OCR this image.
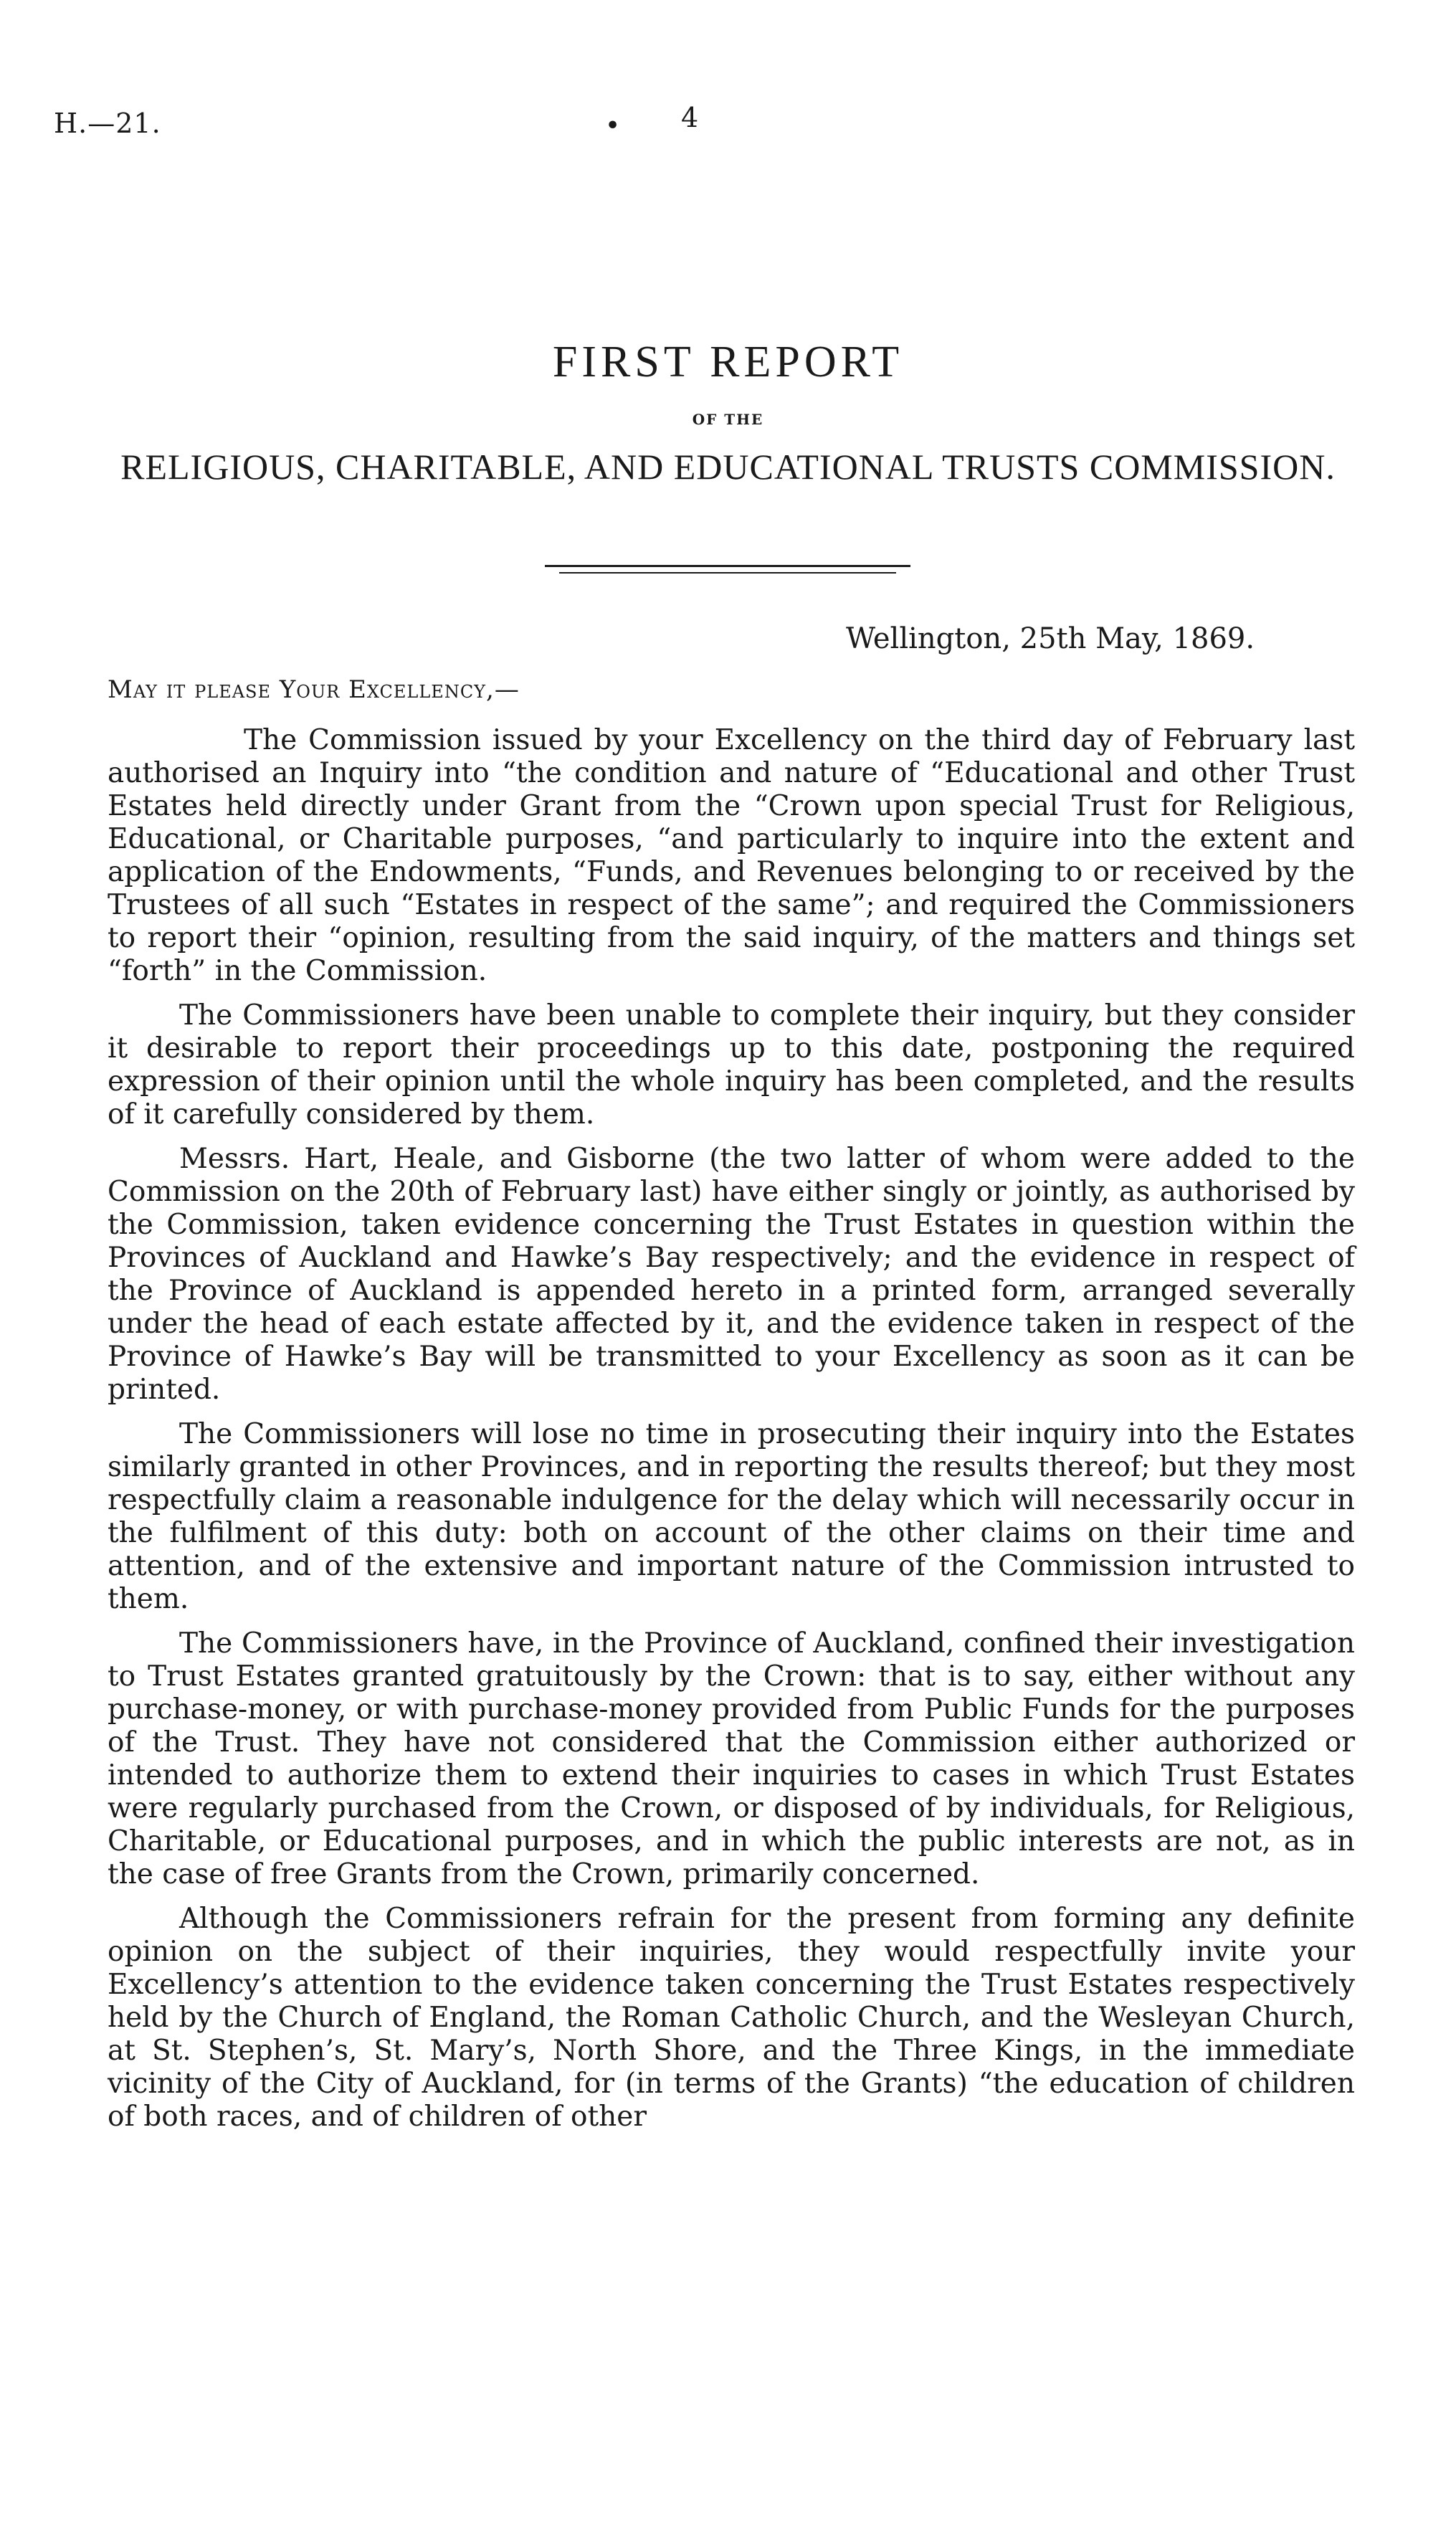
H.—21.	• 4
FIRST REPORT
OF THE
RELIGIOUS, CHARITABLE, AND EDUCATIONAL TRUSTS COMMISSION.
Wellington, 25th May, 1869.
May it please Your Excellency,—

The Commission issued by your Excellency on the third day of February last authorised an Inquiry into “the condition and nature of “Educational and other Trust Estates held directly under Grant from the “Crown upon special Trust for Religious, Educational, or Charitable purposes, “and particularly to inquire into the extent and application of the Endowments, “Funds, and Revenues belonging to or received by the Trustees of all such “Estates in respect of the same”; and required the Commissioners to report their “opinion, resulting from the said inquiry, of the matters and things set “forth” in the Commission.

The Commissioners have been unable to complete their inquiry, but they consider it desirable to report their proceedings up to this date, postponing the required expression of their opinion until the whole inquiry has been completed, and the results of it carefully considered by them.

Messrs. Hart, Heale, and Gisborne (the two latter of whom were added to the Commission on the 20th of February last) have either singly or jointly, as authorised by the Commission, taken evidence concerning the Trust Estates in question within the Provinces of Auckland and Hawke’s Bay respectively; and the evidence in respect of the Province of Auckland is appended hereto in a printed form, arranged severally under the head of each estate affected by it, and the evidence taken in respect of the Province of Hawke’s Bay will be transmitted to your Excellency as soon as it can be printed.

The Commissioners will lose no time in prosecuting their inquiry into the Estates similarly granted in other Provinces, and in reporting the results thereof; but they most respectfully claim a reasonable indulgence for the delay which will necessarily occur in the fulfilment of this duty: both on account of the other claims on their time and attention, and of the extensive and important nature of the Commission intrusted to them.

The Commissioners have, in the Province of Auckland, confined their investigation to Trust Estates granted gratuitously by the Crown: that is to say, either without any purchase-money, or with purchase-money provided from Public Funds for the purposes of the Trust. They have not considered that the Commission either authorized or intended to authorize them to extend their inquiries to cases in which Trust Estates were regularly purchased from the Crown, or disposed of by individuals, for Religious, Charitable, or Educational purposes, and in which the public interests are not, as in the case of free Grants from the Crown, primarily concerned.

Although the Commissioners refrain for the present from forming any definite opinion on the subject of their inquiries, they would respectfully invite your Excellency’s attention to the evidence taken concerning the Trust Estates respectively held by the Church of England, the Roman Catholic Church, and the Wesleyan Church, at St. Stephen’s, St. Mary’s, North Shore, and the Three Kings, in the immediate vicinity of the City of Auckland, for (in terms of the Grants) “the education of children of both races, and of children of other
